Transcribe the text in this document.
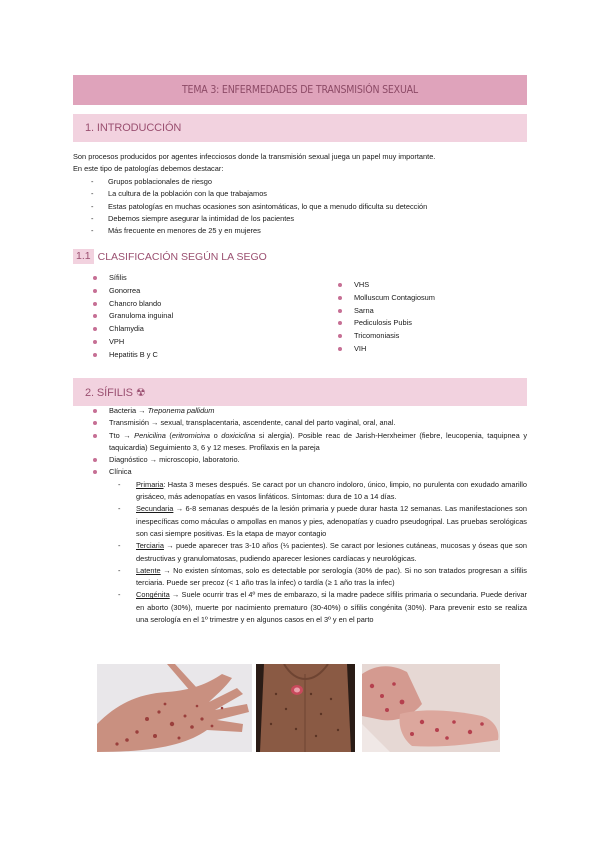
TEMA 3: ENFERMEDADES DE TRANSMISIÓN SEXUAL
1. INTRODUCCIÓN
Son procesos producidos por agentes infecciosos donde la transmisión sexual juega un papel muy importante.
En este tipo de patologías debemos destacar:
- Grupos poblacionales de riesgo
- La cultura de la población con la que trabajamos
- Estas patologías en muchas ocasiones son asintomáticas, lo que a menudo dificulta su detección
- Debemos siempre asegurar la intimidad de los pacientes
- Más frecuente en menores de 25 y en mujeres
1.1 CLASIFICACIÓN SEGÚN LA SEGO
Sífilis
Gonorrea
Chancro blando
Granuloma inguinal
Chlamydia
VPH
Hepatitis B y C
VHS
Molluscum Contagiosum
Sarna
Pediculosis Pubis
Tricomoniasis
VIH
2. SÍFILIS ☢
Bacteria → Treponema pallidum
Transmisión → sexual, transplacentaria, ascendente, canal del parto vaginal, oral, anal.
Tto → Penicilina (eritromicina o doxiciclina si alergia). Posible reac de Jarish-Herxheimer (fiebre, leucopenia, taquipnea y taquicardia) Seguimiento 3, 6 y 12 meses. Profilaxis en la pareja
Diagnóstico → microscopio, laboratorio.
Clínica
- Primaria: Hasta 3 meses después. Se caract por un chancro indoloro, único, limpio, no purulenta con exudado amarillo grisáceo, más adenopatías en vasos linfáticos. Síntomas: dura de 10 a 14 días.
- Secundaria → 6-8 semanas después de la lesión primaria y puede durar hasta 12 semanas. Las manifestaciones son inespecíficas como máculas o ampollas en manos y pies, adenopatías y cuadro pseudogripal. Las pruebas serológicas son casi siempre positivas. Es la etapa de mayor contagio
- Terciaria → puede aparecer tras 3-10 años (⅓ pacientes). Se caract por lesiones cutáneas, mucosas y óseas que son destructivas y granulomatosas, pudiendo aparecer lesiones cardíacas y neurológicas.
- Latente → No existen síntomas, solo es detectable por serología (30% de pac). Si no son tratados progresan a sífilis terciaria. Puede ser precoz (< 1 año tras la infec) o tardía (≥ 1 año tras la infec)
- Congénita → Suele ocurrir tras el 4º mes de embarazo, si la madre padece sífilis primaria o secundaria. Puede derivar en aborto (30%), muerte por nacimiento prematuro (30-40%) o sífilis congénita (30%). Para prevenir esto se realiza una serología en el 1º trimestre y en algunos casos en el 3º y en el parto
